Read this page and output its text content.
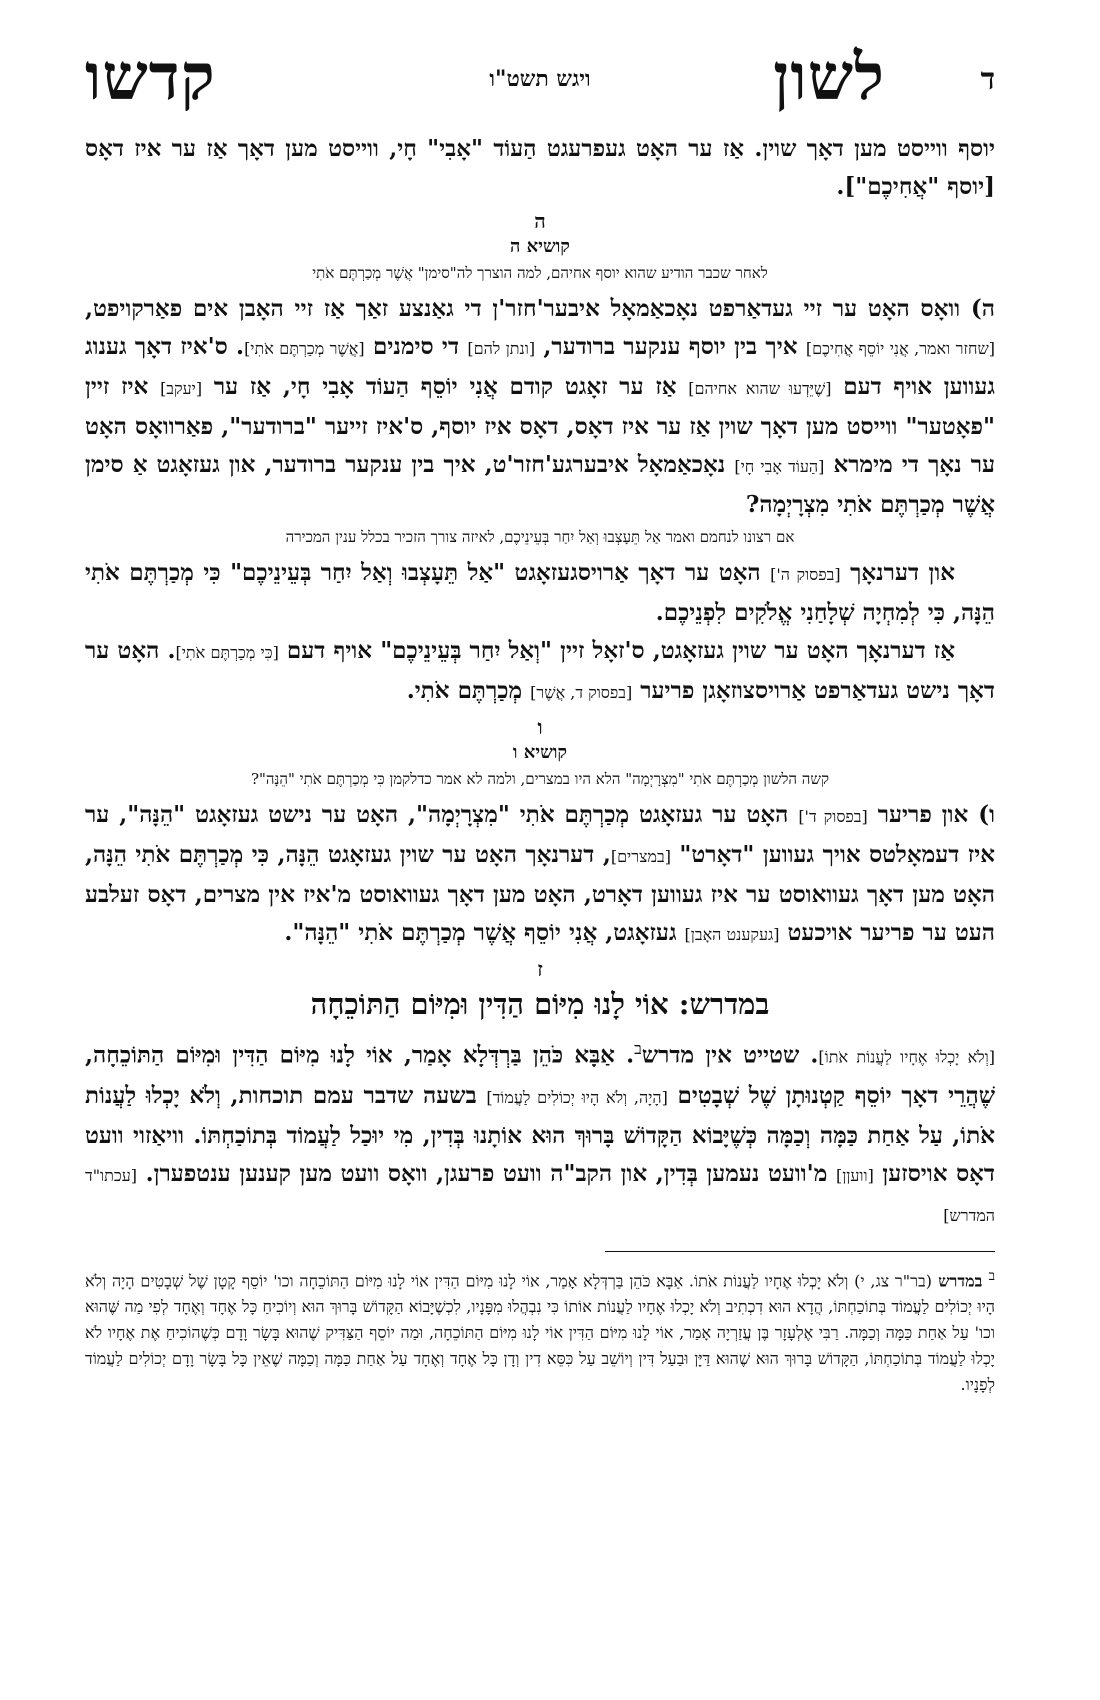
ד
לשון
ויגש תשט"ו
קדשו

יוסף ווייסט מען דאָך שוין. אַז ער האָט געפרעגט הַעוֹד "אָבִי" חָי, ווייסט מען דאָך אַז ער איז דאָס [יוסף "אֲחִיכֶם"].

ה
קושיא ה
לאחר שכבר הודיע שהוא יוסף אחיהם, למה הוצרך לה"סימן" אֲשֶׁר מְכַרְתֶּם אֹתִי

ה) וואָס האָט ער זיי געדאַרפט נאָכאַמאָל איבער'חזר'ן די גאַנצע זאַך אַז זיי האָבן אים פאַרקויפט, [שחזר ואמר, אֲנִי יוֹסֵף אֲחִיכֶם] איך בין יוסף ענקער ברודער, [ונתן להם] די סימנים [אֲשֶׁר מְכַרְתֶּם אֹתִי]. ס'איז דאָך גענוג געווען אויף דעם [שֶׁיֵּדְעוּ שהוא אחיהם] אַז ער זאָגט קודם אֲנִי יוֹסֵף הַעוֹד אָבִי חָי, אַז ער [יעקב] איז זיין "פאָטער" ווייסט מען דאָך שוין אַז ער איז דאָס, דאָס איז יוסף, ס'איז זייער "ברודער", פאַרוואָס האָט ער נאָך די מימרא [הַעוֹד אָבִי חָי] נאָכאַמאָל איבערגע'חזר'ט, איך בין ענקער ברודער, און געזאָגט אַ סימן אֲשֶׁר מְכַרְתֶּם אֹתִי מִצְרָיְמָה?

אם רצונו לנחמם ואמר אַל תֵּעָצְבוּ וְאַל יִחַר בְּעֵינֵיכֶם, לאיזה צורך הזכיר בכלל ענין המכירה

און דערנאָך [בפסוק ה'] האָט ער דאָך אַרויסגעזאָגט "אַל תֵּעָצְבוּ וְאַל יִחַר בְּעֵינֵיכֶם" כִּי מְכַרְתֶּם אֹתִי הֵנָּה, כִּי לְמִחְיָה שְׁלָחַנִי אֱלֹקִים לִפְנֵיכֶם.

אַז דערנאָך האָט ער שוין געזאָגט, ס'זאָל זיין "וְאַל יִחַר בְּעֵינֵיכֶם" אויף דעם [כִּי מְכַרְתֶּם אֹתִי]. האָט ער דאָך נישט געדאַרפט אַרויסצוזאָגן פריער [בפסוק ד, אֲשֶׁר] מְכַרְתֶּם אֹתִי.

ו
קושיא ו
קשה הלשון מְכַרְתֶּם אֹתִי "מִצְרָיְמָה" הלא היו במצרים, ולמה לא אמר כדלקמן כִּי מְכַרְתֶּם אֹתִי "הֵנָּה"?

ו) און פריער [בפסוק ד'] האָט ער געזאָגט מְכַרְתֶּם אֹתִי "מִצְרָיְמָה", האָט ער נישט געזאָגט "הֵנָּה", ער איז דעמאָלטס אויך געווען "דאָרט" [במצרים], דערנאָך האָט ער שוין געזאָגט הֵנָּה, כִּי מְכַרְתֶּם אֹתִי הֵנָּה, האָט מען דאָך געוואוסט ער איז געווען דאָרט, האָט מען דאָך געוואוסט מ'איז אין מצרים, דאָס זעלבע העט ער פריער אויכעט [געקענט האָבן] געזאָגט, אֲנִי יוֹסֵף אֲשֶׁר מְכַרְתֶּם אֹתִי "הֵנָּה".

ז
במדרש: אוֹי לָנוּ מִיּוֹם הַדִּין וּמִיּוֹם הַתּוֹכֵחָה

[וְלֹא יָכְלוּ אֶחָיו לַעֲנוֹת אֹתוֹ]. שטייט אין מדרש$^ב$. אַבָּא כֹּהֵן בַּרְדְּלָא אָמַר, אוֹי לָנוּ מִיּוֹם הַדִּין וּמִיּוֹם הַתּוֹכֵחָה, שֶׁהֲרֵי דאָך יוֹסֵף קַטְנוּתָן שֶׁל שְׁבָטִים [הָיָה, וְלֹא הָיוּ יְכוֹלִים לַעֲמוֹד] בשעה שדבר עמם תוכחות, וְלֹא יָכְלוּ לַעֲנוֹת אֹתוֹ, עַל אַחַת כַּמָּה וְכַמָּה כְּשֶׁיָּבוֹא הַקָּדוֹשׁ בָּרוּךְ הוּא אוֹתָנוּ בְּדִין, מִי יוּכַל לַעֲמוֹד בְּתוֹכַחְתּוֹ. וויאַזוי וועט דאָס אויסזען [וועןן] מ'וועט נעמען בְּדִין, און הקב"ה וועט פרעגן, וואָס וועט מען קענען ענטפערן. [עכתו"ד המדרש]

$^ב$ במדרש (בר"ר צג, י) וְלֹא יָכְלוּ אֶחָיו לַעֲנוֹת אֹתוֹ. אַבָּא כֹּהֵן בַּרְדְּלָא אָמַר, אוֹי לָנוּ מִיּוֹם הַדִּין אוֹי לָנוּ מִיּוֹם הַתּוֹכֵחָה וכו' יוֹסֵף קָטָן שֶׁל שְׁבָטִים הָיָה וְלֹא הָיוּ יְכוֹלִים לַעֲמוֹד בְּתוֹכַחְתּוֹ, הֲדָא הוּא דִכְתִיב וְלֹא יָכְלוּ אֶחָיו לַעֲנוֹת אוֹתוֹ כִּי נִבְהֲלוּ מִפָּנָיו, לִכְשֶׁיָּבוֹא הַקָּדוֹשׁ בָּרוּךְ הוּא וְיוֹכִיחַ כָּל אֶחָד וְאֶחָד לְפִי מַה שֶּׁהוּא וכו' עַל אַחַת כַּמָּה וְכַמָּה. רַבִּי אֶלְעָזָר בֶּן עֲזַרְיָה אָמַר, אוֹי לָנוּ מִיּוֹם הַדִּין אוֹי לָנוּ מִיּוֹם הַתּוֹכֵחָה, וּמַה יוֹסֵף הַצַּדִּיק שֶׁהוּא בָּשָׂר וָדָם כְּשֶׁהוֹכִיחַ אֶת אֶחָיו לֹא יָכְלוּ לַעֲמוֹד בְּתוֹכַחְתּוֹ, הַקָּדוֹשׁ בָּרוּךְ הוּא שֶׁהוּא דַּיָּן וּבַעַל דִּין וְיוֹשֵׁב עַל כִּסֵּא דִין וְדָן כָּל אֶחָד וְאֶחָד עַל אַחַת כַּמָּה וְכַמָּה שֶׁאֵין כָּל בָּשָׂר וָדָם יְכוֹלִים לַעֲמוֹד לְפָנָיו.
